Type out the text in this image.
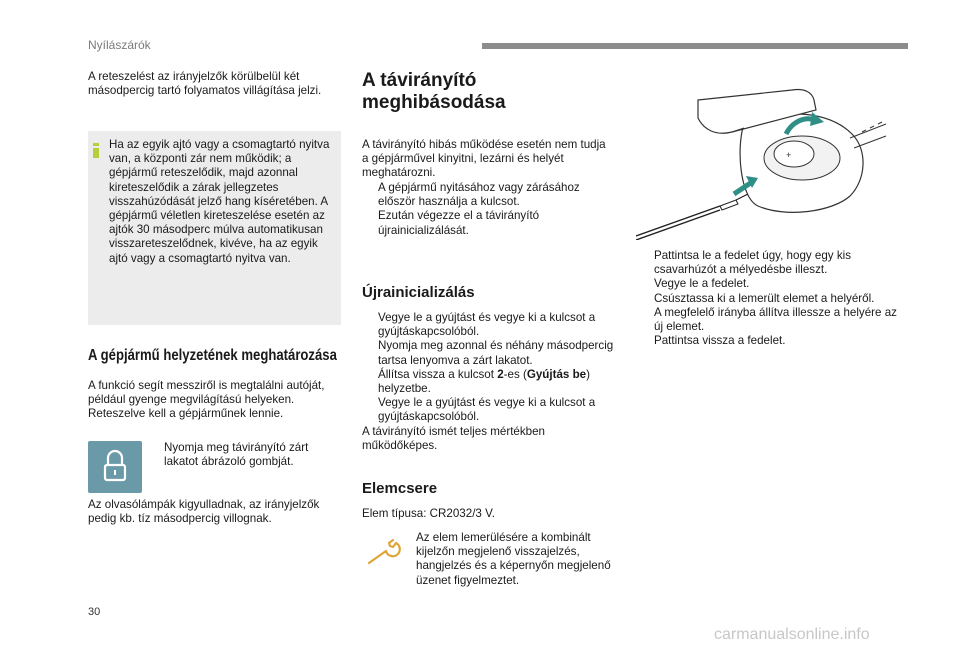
Nyílászárók
A reteszelést az irányjelzők körülbelül két másodpercig tartó folyamatos villágítása jelzi.
Ha az egyik ajtó vagy a csomagtartó nyitva van, a központi zár nem működik; a gépjármű reteszelődik, majd azonnal kireteszelődik a zárak jellegzetes visszahúzódását jelző hang kíséretében. A gépjármű véletlen kireteszelése esetén az ajtók 30 másodperc múlva automatikusan visszareteszelődnek, kivéve, ha az egyik ajtó vagy a csomagtartó nyitva van.
A gépjármű helyzetének meghatározása
A funkció segít messziről is megtalálni autóját, például gyenge megvilágítású helyeken. Reteszelve kell a gépjárműnek lennie.
Nyomja meg távirányító zárt lakatot ábrázoló gombját.
Az olvasólámpák kigyulladnak, az irányjelzők pedig kb. tíz másodpercig villognak.
A távirányító meghibásodása
A távirányító hibás működése esetén nem tudja a gépjárművel kinyitni, lezárni és helyét meghatározni.
A gépjármű nyitásához vagy zárásához először használja a kulcsot.
Ezután végezze el a távirányító újrainicializálását.
Újrainicializálás
Vegye le a gyújtást és vegye ki a kulcsot a gyújtáskapcsolóból.
Nyomja meg azonnal és néhány másodpercig tartsa lenyomva a zárt lakatot.
Állítsa vissza a kulcsot 2-es (Gyújtás be) helyzetbe.
Vegye le a gyújtást és vegye ki a kulcsot a gyújtáskapcsolóból.
A távirányító ismét teljes mértékben működőképes.
Elemcsere
Elem típusa: CR2032/3 V.
Az elem lemerülésére a kombinált kijelzőn megjelenő visszajelzés, hangjelzés és a képernyőn megjelenő üzenet figyelmeztet.
+
Pattintsa le a fedelet úgy, hogy egy kis csavarhúzót a mélyedésbe illeszt.
Vegye le a fedelet.
Csúsztassa ki a lemerült elemet a helyéről.
A megfelelő irányba állítva illessze a helyére az új elemet.
Pattintsa vissza a fedelet.
30
carmanualsonline.info
